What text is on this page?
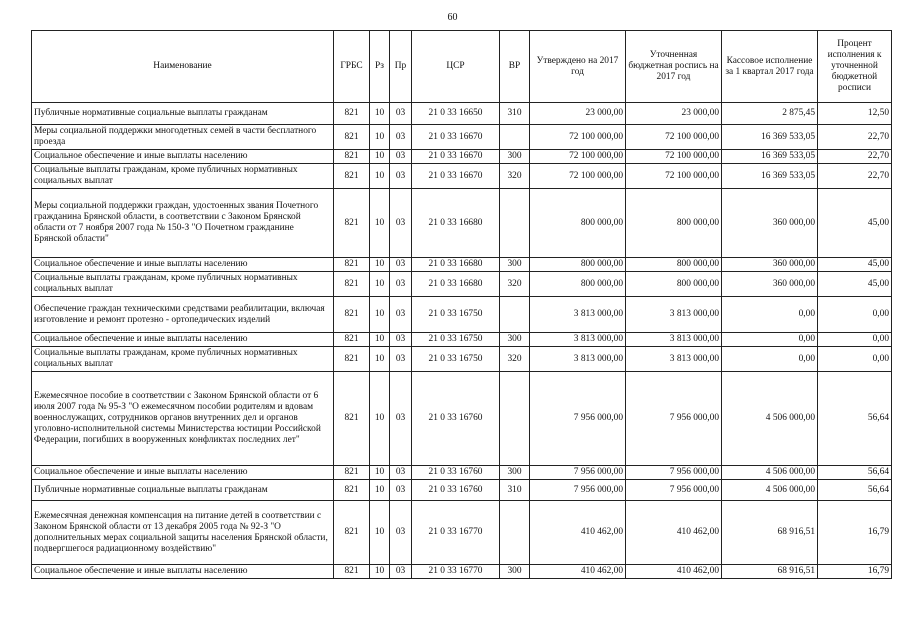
60
Наименование	ГРБС	Рз	Пр	ЦСР	ВР	Утверждено на 2017 год	Уточненная бюджетная роспись на 2017 год	Кассовое исполнение за 1 квартал 2017 года	Процент исполнения к уточненной бюджетной росписи
Публичные нормативные социальные выплаты гражданам	821	10	03	21 0 33 16650	310	23 000,00	23 000,00	2 875,45	12,50
Меры социальной поддержки многодетных семей в части бесплатного проезда	821	10	03	21 0 33 16670		72 100 000,00	72 100 000,00	16 369 533,05	22,70
Социальное обеспечение и иные выплаты населению	821	10	03	21 0 33 16670	300	72 100 000,00	72 100 000,00	16 369 533,05	22,70
Социальные выплаты гражданам, кроме публичных нормативных социальных выплат	821	10	03	21 0 33 16670	320	72 100 000,00	72 100 000,00	16 369 533,05	22,70
Меры социальной поддержки граждан, удостоенных звания Почетного гражданина Брянской области, в соответствии с Законом Брянской области от 7 ноября 2007 года № 150-З "О Почетном гражданине Брянской области"	821	10	03	21 0 33 16680		800 000,00	800 000,00	360 000,00	45,00
Социальное обеспечение и иные выплаты населению	821	10	03	21 0 33 16680	300	800 000,00	800 000,00	360 000,00	45,00
Социальные выплаты гражданам, кроме публичных нормативных социальных выплат	821	10	03	21 0 33 16680	320	800 000,00	800 000,00	360 000,00	45,00
Обеспечение граждан техническими средствами реабилитации, включая изготовление и ремонт протезно - ортопедических изделий	821	10	03	21 0 33 16750		3 813 000,00	3 813 000,00	0,00	0,00
Социальное обеспечение и иные выплаты населению	821	10	03	21 0 33 16750	300	3 813 000,00	3 813 000,00	0,00	0,00
Социальные выплаты гражданам, кроме публичных нормативных социальных выплат	821	10	03	21 0 33 16750	320	3 813 000,00	3 813 000,00	0,00	0,00
Ежемесячное пособие в соответствии с Законом Брянской области от 6 июля 2007 года № 95-З "О ежемесячном пособии родителям и вдовам военнослужащих, сотрудников органов внутренних дел и органов уголовно-исполнительной системы Министерства юстиции Российской Федерации, погибших в вооруженных конфликтах последних лет"	821	10	03	21 0 33 16760		7 956 000,00	7 956 000,00	4 506 000,00	56,64
Социальное обеспечение и иные выплаты населению	821	10	03	21 0 33 16760	300	7 956 000,00	7 956 000,00	4 506 000,00	56,64
Публичные нормативные социальные выплаты гражданам	821	10	03	21 0 33 16760	310	7 956 000,00	7 956 000,00	4 506 000,00	56,64
Ежемесячная денежная компенсация на питание детей в соответствии с Законом Брянской области от 13 декабря 2005 года № 92-З "О дополнительных мерах социальной защиты населения Брянской области, подвергшегося радиационному воздействию"	821	10	03	21 0 33 16770		410 462,00	410 462,00	68 916,51	16,79
Социальное обеспечение и иные выплаты населению	821	10	03	21 0 33 16770	300	410 462,00	410 462,00	68 916,51	16,79
